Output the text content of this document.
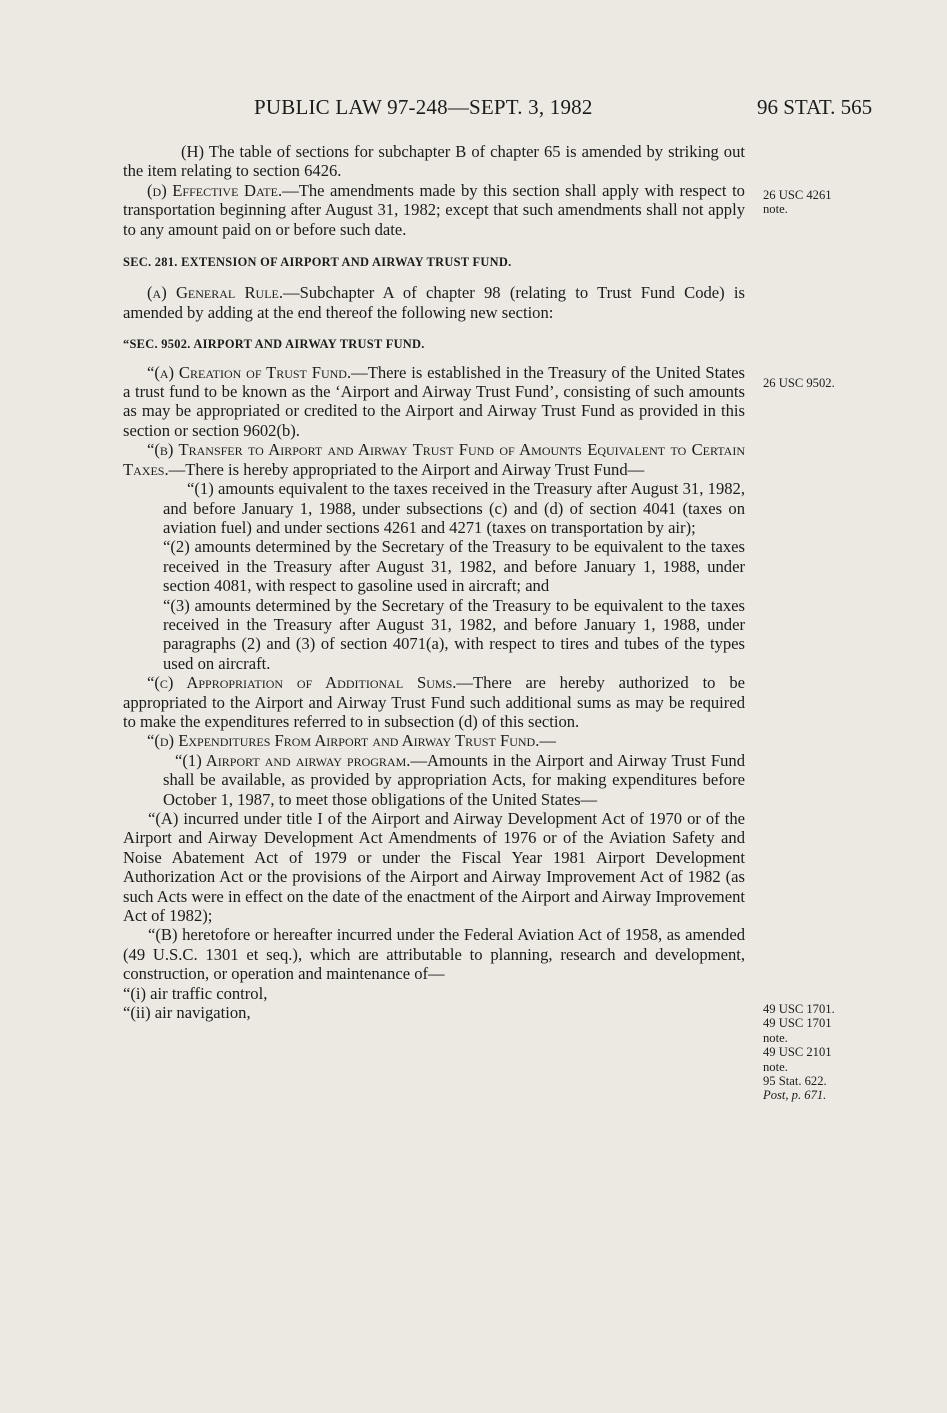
PUBLIC LAW 97-248—SEPT. 3, 1982	96 STAT. 565

(H) The table of sections for subchapter B of chapter 65 is amended by striking out the item relating to section 6426.

(d) Effective Date.—The amendments made by this section shall apply with respect to transportation beginning after August 31, 1982; except that such amendments shall not apply to any amount paid on or before such date.

SEC. 281. EXTENSION OF AIRPORT AND AIRWAY TRUST FUND.

(a) General Rule.—Subchapter A of chapter 98 (relating to Trust Fund Code) is amended by adding at the end thereof the following new section:

“SEC. 9502. AIRPORT AND AIRWAY TRUST FUND.

“(a) Creation of Trust Fund.—There is established in the Treasury of the United States a trust fund to be known as the ‘Airport and Airway Trust Fund’, consisting of such amounts as may be appropriated or credited to the Airport and Airway Trust Fund as provided in this section or section 9602(b).

“(b) Transfer to Airport and Airway Trust Fund of Amounts Equivalent to Certain Taxes.—There is hereby appropriated to the Airport and Airway Trust Fund—

“(1) amounts equivalent to the taxes received in the Treasury after August 31, 1982, and before January 1, 1988, under subsections (c) and (d) of section 4041 (taxes on aviation fuel) and under sections 4261 and 4271 (taxes on transportation by air);

“(2) amounts determined by the Secretary of the Treasury to be equivalent to the taxes received in the Treasury after August 31, 1982, and before January 1, 1988, under section 4081, with respect to gasoline used in aircraft; and

“(3) amounts determined by the Secretary of the Treasury to be equivalent to the taxes received in the Treasury after August 31, 1982, and before January 1, 1988, under paragraphs (2) and (3) of section 4071(a), with respect to tires and tubes of the types used on aircraft.

“(c) Appropriation of Additional Sums.—There are hereby authorized to be appropriated to the Airport and Airway Trust Fund such additional sums as may be required to make the expenditures referred to in subsection (d) of this section.

“(d) Expenditures From Airport and Airway Trust Fund.—

“(1) Airport and airway program.—Amounts in the Airport and Airway Trust Fund shall be available, as provided by appropriation Acts, for making expenditures before October 1, 1987, to meet those obligations of the United States—

“(A) incurred under title I of the Airport and Airway Development Act of 1970 or of the Airport and Airway Development Act Amendments of 1976 or of the Aviation Safety and Noise Abatement Act of 1979 or under the Fiscal Year 1981 Airport Development Authorization Act or the provisions of the Airport and Airway Improvement Act of 1982 (as such Acts were in effect on the date of the enactment of the Airport and Airway Improvement Act of 1982);

“(B) heretofore or hereafter incurred under the Federal Aviation Act of 1958, as amended (49 U.S.C. 1301 et seq.), which are attributable to planning, research and development, construction, or operation and maintenance of—

“(i) air traffic control,

“(ii) air navigation,

26 USC 4261
note.
26 USC 9502.
49 USC 1701.
49 USC 1701
note.
49 USC 2101
note.
95 Stat. 622.
Post, p. 671.
